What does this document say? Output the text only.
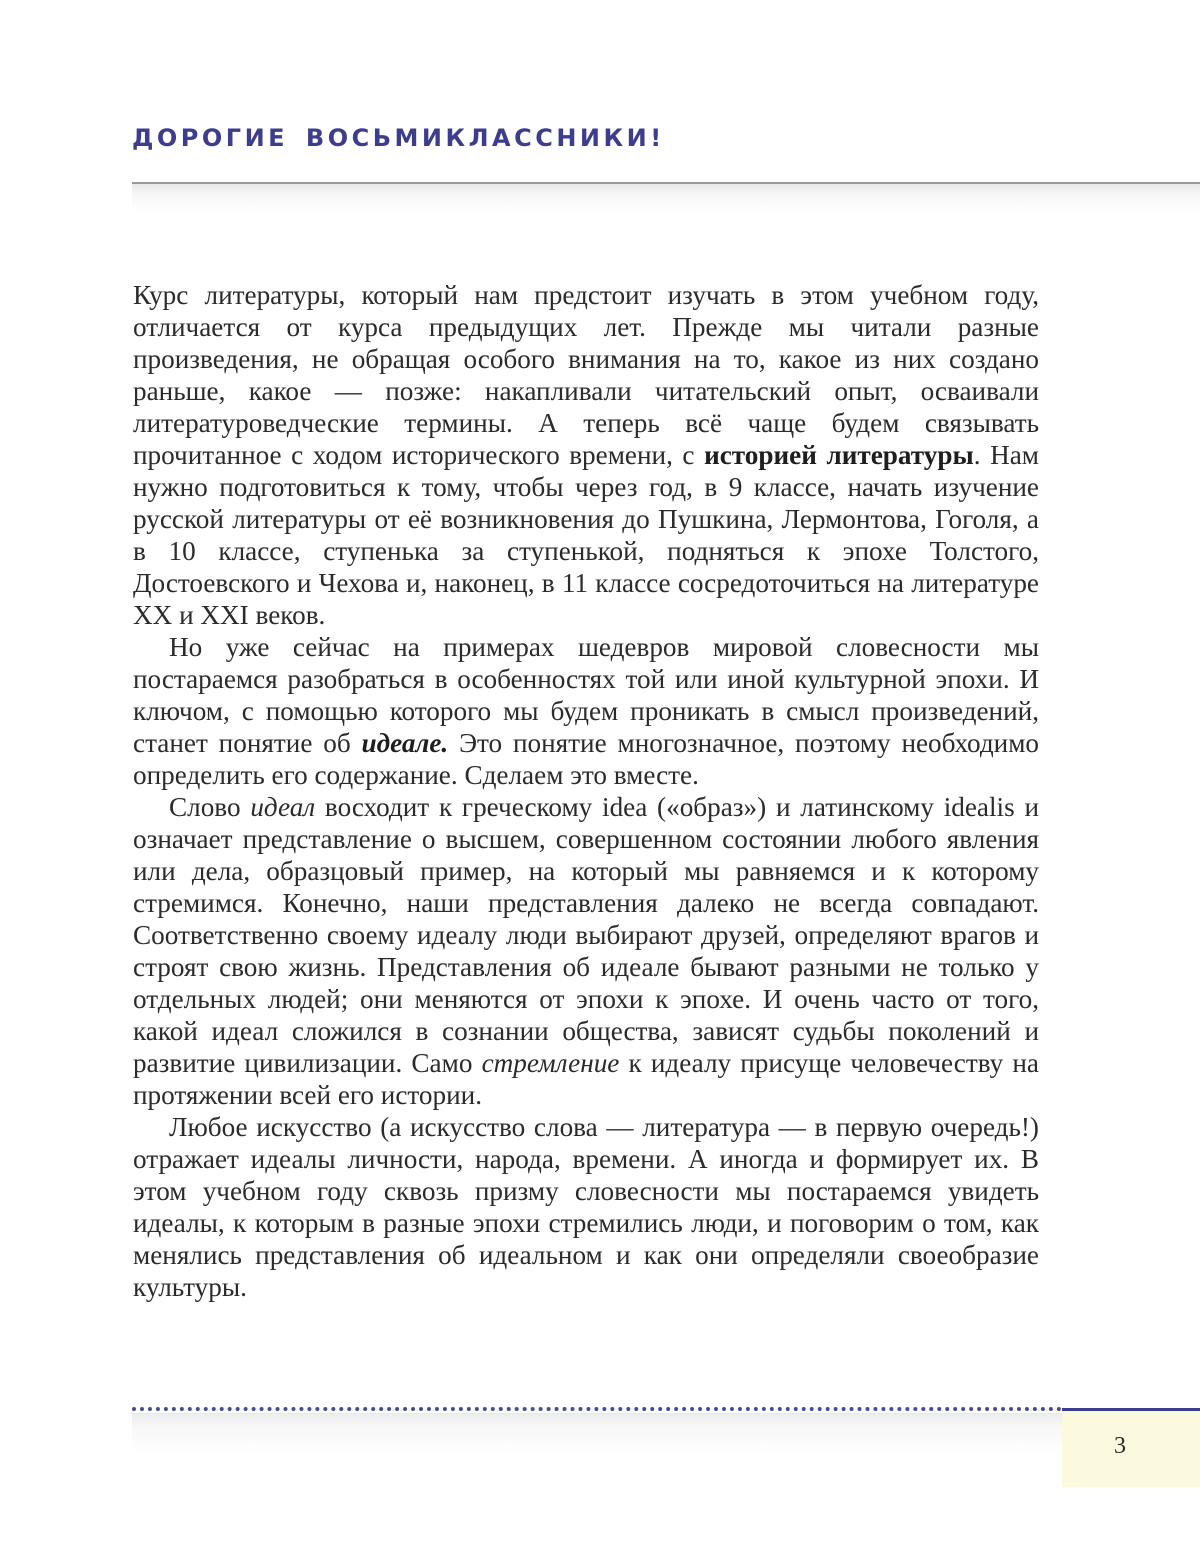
ДОРОГИЕ ВОСЬМИКЛАССНИКИ!

Курс литературы, который нам предстоит изучать в этом учебном году, отличается от курса предыдущих лет. Прежде мы читали разные произведения, не обращая особого внимания на то, какое из них создано раньше, какое — позже: накапливали читательский опыт, осваивали литературоведческие термины. А теперь всё чаще будем связывать прочитанное с ходом исторического времени, с историей литературы. Нам нужно подготовиться к тому, чтобы через год, в 9 классе, начать изучение русской литературы от её возникновения до Пушкина, Лермонтова, Гоголя, а в 10 классе, ступенька за ступенькой, подняться к эпохе Толстого, Достоевского и Чехова и, наконец, в 11 классе сосредоточиться на литературе XX и XXI веков.

Но уже сейчас на примерах шедевров мировой словесности мы постараемся разобраться в особенностях той или иной культурной эпохи. И ключом, с помощью которого мы будем проникать в смысл произведений, станет понятие об идеале. Это понятие многозначное, поэтому необходимо определить его содержание. Сделаем это вместе.

Слово идеал восходит к греческому idea («образ») и латинскому idealis и означает представление о высшем, совершенном состоянии любого явления или дела, образцовый пример, на который мы равняемся и к которому стремимся. Конечно, наши представления далеко не всегда совпадают. Соответственно своему идеалу люди выбирают друзей, определяют врагов и строят свою жизнь. Представления об идеале бывают разными не только у отдельных людей; они меняются от эпохи к эпохе. И очень часто от того, какой идеал сложился в сознании общества, зависят судьбы поколений и развитие цивилизации. Само стремление к идеалу присуще человечеству на протяжении всей его истории.

Любое искусство (а искусство слова — литература — в первую очередь!) отражает идеалы личности, народа, времени. А иногда и формирует их. В этом учебном году сквозь призму словесности мы постараемся увидеть идеалы, к которым в разные эпохи стремились люди, и поговорим о том, как менялись представления об идеальном и как они определяли своеобразие культуры.

3
